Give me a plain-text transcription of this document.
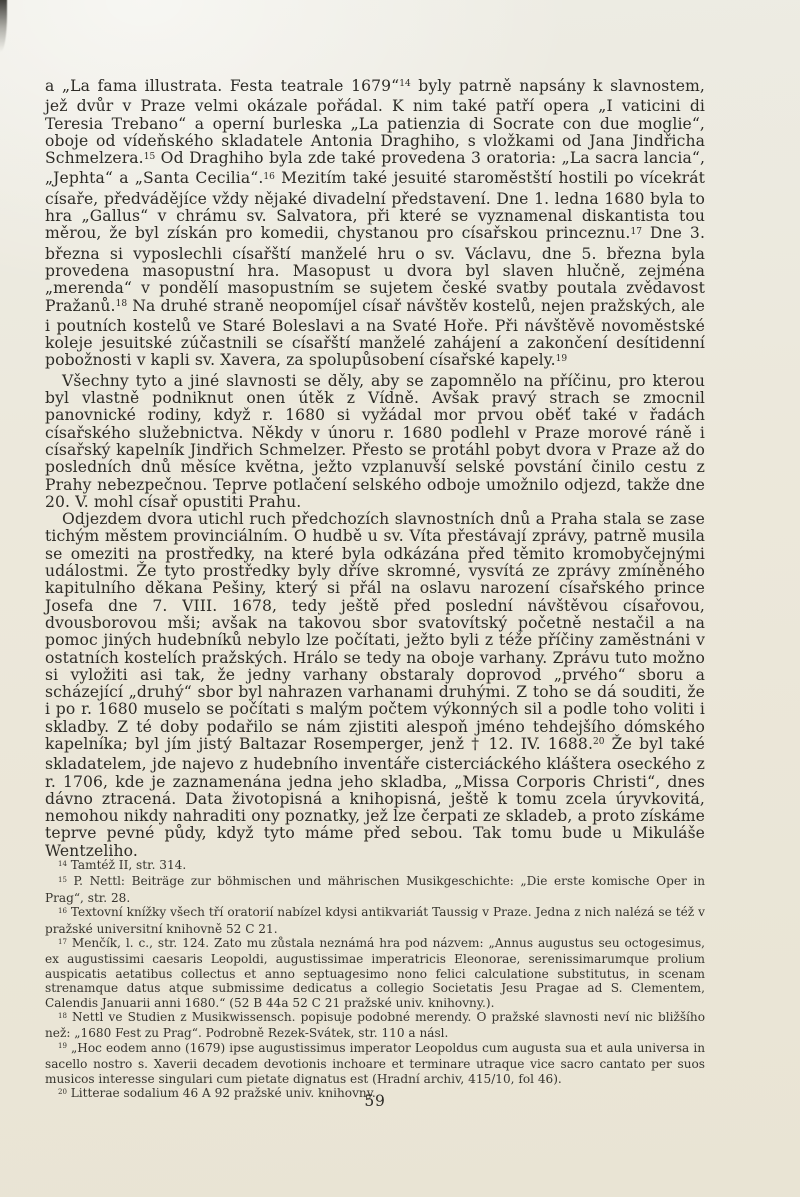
a „La fama illustrata. Festa teatrale 1679“$^{14}$ byly patrně napsány k slavnostem, jež dvůr v Praze velmi okázale pořádal. K nim také patří opera „I vaticini di Teresia Trebano“ a operní burleska „La patienzia di Socrate con due moglie“, oboje od vídeňského skladatele Antonia Draghiho, s vložkami od Jana Jindřicha Schmelzera.$^{15}$ Od Draghiho byla zde také provedena 3 oratoria: „La sacra lancia“, „Jephta“ a „Santa Cecilia“.$^{16}$ Mezitím také jesuité staroměstští hostili po vícekrát císaře, předvádějíce vždy nějaké divadelní představení. Dne 1. ledna 1680 byla to hra „Gallus“ v chrámu sv. Salvatora, při které se vyznamenal diskantista tou měrou, že byl získán pro komedii, chystanou pro císařskou princeznu.$^{17}$ Dne 3. března si vyposlechli císařští manželé hru o sv. Václavu, dne 5. března byla provedena masopustní hra. Masopust u dvora byl slaven hlučně, zejména „merenda“ v pondělí masopustním se sujetem české svatby poutala zvědavost Pražanů.$^{18}$ Na druhé straně neopomíjel císař návštěv kostelů, nejen pražských, ale i poutních kostelů ve Staré Boleslavi a na Svaté Hoře. Při návštěvě novoměstské koleje jesuitské zúčastnili se císařští manželé zahájení a zakončení desítidenní pobožnosti v kapli sv. Xavera, za spolupůsobení císařské kapely.$^{19}$

Všechny tyto a jiné slavnosti se děly, aby se zapomnělo na příčinu, pro kterou byl vlastně podniknut onen útěk z Vídně. Avšak pravý strach se zmocnil panovnické rodiny, když r. 1680 si vyžádal mor prvou oběť také v řadách císařského služebnictva. Někdy v únoru r. 1680 podlehl v Praze morové ráně i císařský kapelník Jindřich Schmelzer. Přesto se protáhl pobyt dvora v Praze až do posledních dnů měsíce května, ježto vzplanuvší selské povstání činilo cestu z Prahy nebezpečnou. Teprve potlačení selského odboje umožnilo odjezd, takže dne 20. V. mohl císař opustiti Prahu.

Odjezdem dvora utichl ruch předchozích slavnostních dnů a Praha stala se zase tichým městem provinciálním. O hudbě u sv. Víta přestávají zprávy, patrně musila se omeziti na prostředky, na které byla odkázána před těmito kromobyčejnými událostmi. Že tyto prostředky byly dříve skromné, vysvítá ze zprávy zmíněného kapitulního děkana Pešiny, který si přál na oslavu narození císařského prince Josefa dne 7. VIII. 1678, tedy ještě před poslední návštěvou císařovou, dvousborovou mši; avšak na takovou sbor svatovítský početně nestačil a na pomoc jiných hudebníků nebylo lze počítati, ježto byli z téže příčiny zaměstnáni v ostatních kostelích pražských. Hrálo se tedy na oboje varhany. Zprávu tuto možno si vyložiti asi tak, že jedny varhany obstaraly doprovod „prvého“ sboru a scházející „druhý“ sbor byl nahrazen varhanami druhými. Z toho se dá souditi, že i po r. 1680 muselo se počítati s malým počtem výkonných sil a podle toho voliti i skladby. Z té doby podařilo se nám zjistiti alespoň jméno tehdejšího dómského kapelníka; byl jím jistý Baltazar Rosemperger, jenž † 12. IV. 1688.20 Že byl také skladatelem, jde najevo z hudebního inventáře cisterciáckého kláštera oseckého z r. 1706, kde je zaznamenána jedna jeho skladba, „Missa Corporis Christi“, dnes dávno ztracená. Data životopisná a knihopisná, ještě k tomu zcela úryvkovitá, nemohou nikdy nahraditi ony poznatky, jež lze čerpati ze skladeb, a proto získáme teprve pevné půdy, když tyto máme před sebou. Tak tomu bude u Mikuláše Wentzeliho.

$^{14}$ Tamtéž II, str. 314.

$^{15}$ P. Nettl: Beiträge zur böhmischen und mährischen Musikgeschichte: „Die erste komische Oper in Prag“, str. 28.

$^{16}$ Textovní knížky všech tří oratorií nabízel kdysi antikvariát Taussig v Praze. Jedna z nich nalézá se též v pražské universitní knihovně 52 C 21.

$^{17}$ Menčík, l. c., str. 124. Zato mu zůstala neznámá hra pod názvem: „Annus augustus seu octogesimus, ex augustissimi caesaris Leopoldi, augustissimae imperatricis Eleonorae, serenissimarumque prolium auspicatis aetatibus collectus et anno septuagesimo nono felici calculatione substitutus, in scenam strenamque datus atque submissime dedicatus a collegio Societatis Jesu Pragae ad S. Clementem, Calendis Januarii anni 1680.“ (52 B 44a 52 C 21 pražské univ. knihovny.).

$^{18}$ Nettl ve Studien z Musikwissensch. popisuje podobné merendy. O pražské slavnosti neví nic bližšího než: „1680 Fest zu Prag“. Podrobně Rezek-Svátek, str. 110 a násl.

$^{19}$ „Hoc eodem anno (1679) ipse augustissimus imperator Leopoldus cum augusta sua et aula universa in sacello nostro s. Xaverii decadem devotionis inchoare et terminare utraque vice sacro cantato per suos musicos interesse singulari cum pietate dignatus est (Hradní archiv, 415/10, fol 46).

$^{20}$ Litterae sodalium 46 A 92 pražské univ. knihovny.

59
